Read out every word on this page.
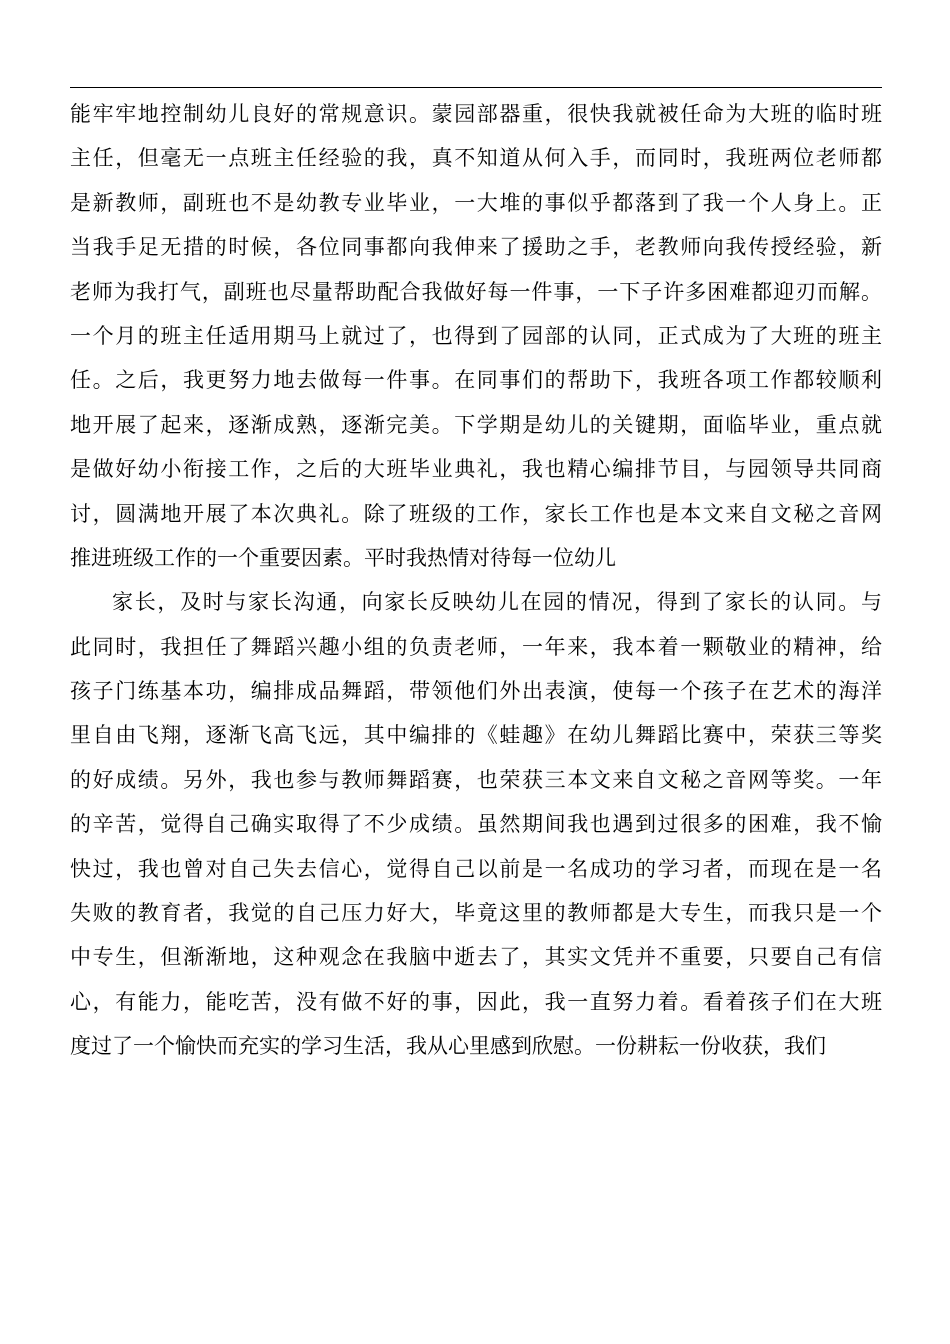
能牢牢地控制幼儿良好的常规意识。蒙园部器重，很快我就被任命为大班的临时班
主任，但毫无一点班主任经验的我，真不知道从何入手，而同时，我班两位老师都
是新教师，副班也不是幼教专业毕业，一大堆的事似乎都落到了我一个人身上。正
当我手足无措的时候，各位同事都向我伸来了援助之手，老教师向我传授经验，新
老师为我打气，副班也尽量帮助配合我做好每一件事，一下子许多困难都迎刃而解。
一个月的班主任适用期马上就过了，也得到了园部的认同，正式成为了大班的班主
任。之后，我更努力地去做每一件事。在同事们的帮助下，我班各项工作都较顺利
地开展了起来，逐渐成熟，逐渐完美。下学期是幼儿的关键期，面临毕业，重点就
是做好幼小衔接工作，之后的大班毕业典礼，我也精心编排节目，与园领导共同商
讨，圆满地开展了本次典礼。除了班级的工作，家长工作也是本文来自文秘之音网
推进班级工作的一个重要因素。平时我热情对待每一位幼儿
家长，及时与家长沟通，向家长反映幼儿在园的情况，得到了家长的认同。与
此同时，我担任了舞蹈兴趣小组的负责老师，一年来，我本着一颗敬业的精神，给
孩子门练基本功，编排成品舞蹈，带领他们外出表演，使每一个孩子在艺术的海洋
里自由飞翔，逐渐飞高飞远，其中编排的《蛙趣》在幼儿舞蹈比赛中，荣获三等奖
的好成绩。另外，我也参与教师舞蹈赛，也荣获三本文来自文秘之音网等奖。一年
的辛苦，觉得自己确实取得了不少成绩。虽然期间我也遇到过很多的困难，我不愉
快过，我也曾对自己失去信心，觉得自己以前是一名成功的学习者，而现在是一名
失败的教育者，我觉的自己压力好大，毕竟这里的教师都是大专生，而我只是一个
中专生，但渐渐地，这种观念在我脑中逝去了，其实文凭并不重要，只要自己有信
心，有能力，能吃苦，没有做不好的事，因此，我一直努力着。看着孩子们在大班
度过了一个愉快而充实的学习生活，我从心里感到欣慰。一份耕耘一份收获，我们
